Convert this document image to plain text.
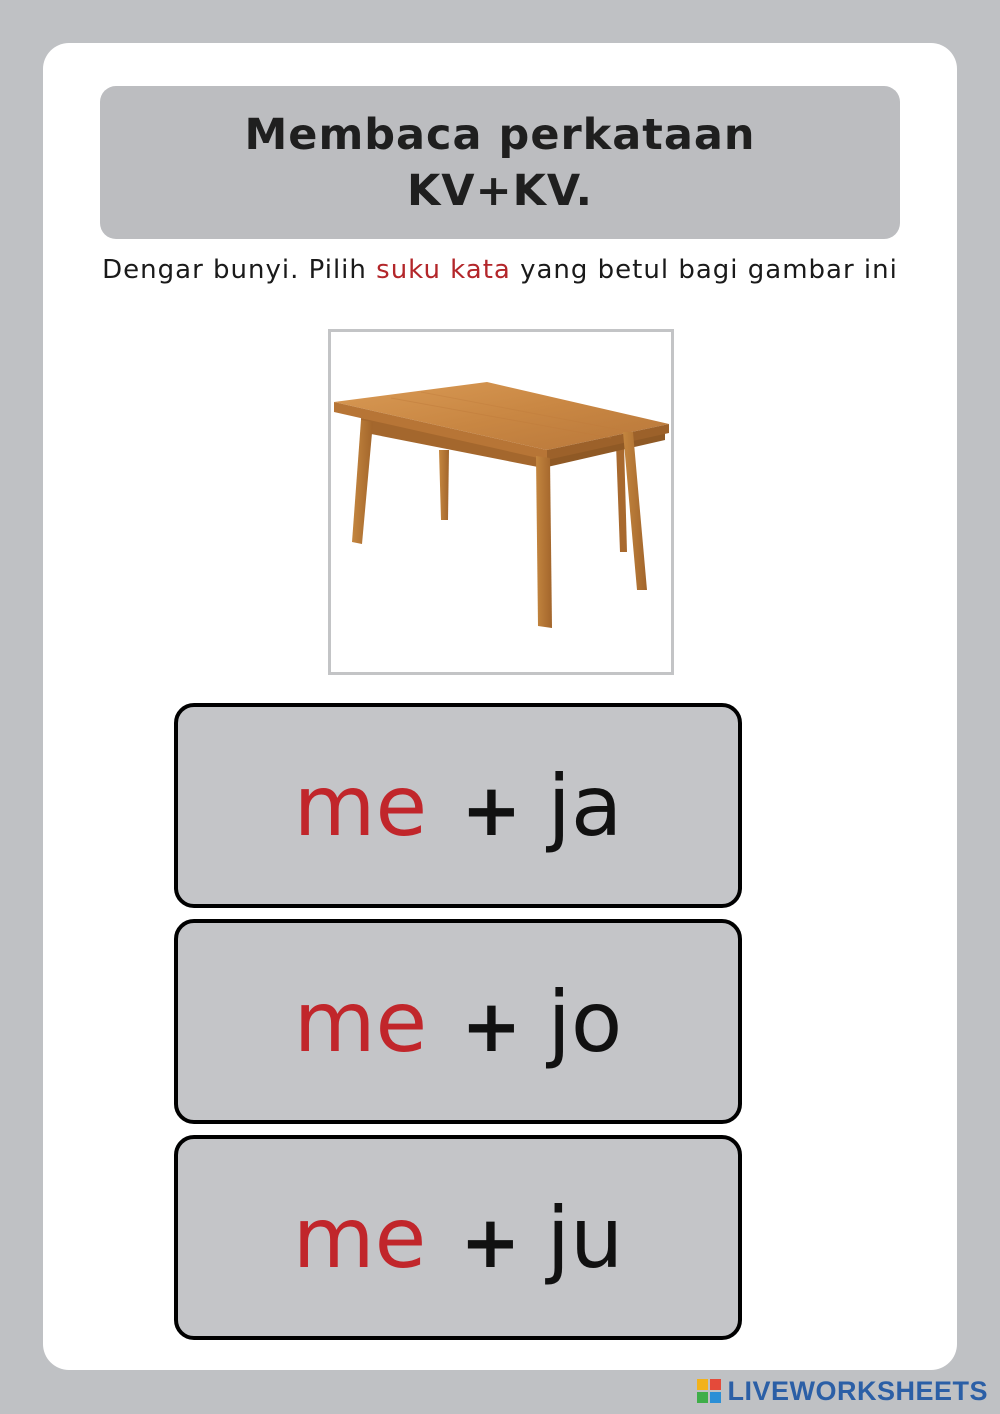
Membaca perkataan
KV+KV.
Dengar bunyi. Pilih suku kata yang betul bagi gambar ini
me + ja
me + jo
me + ju
LIVEWORKSHEETS
